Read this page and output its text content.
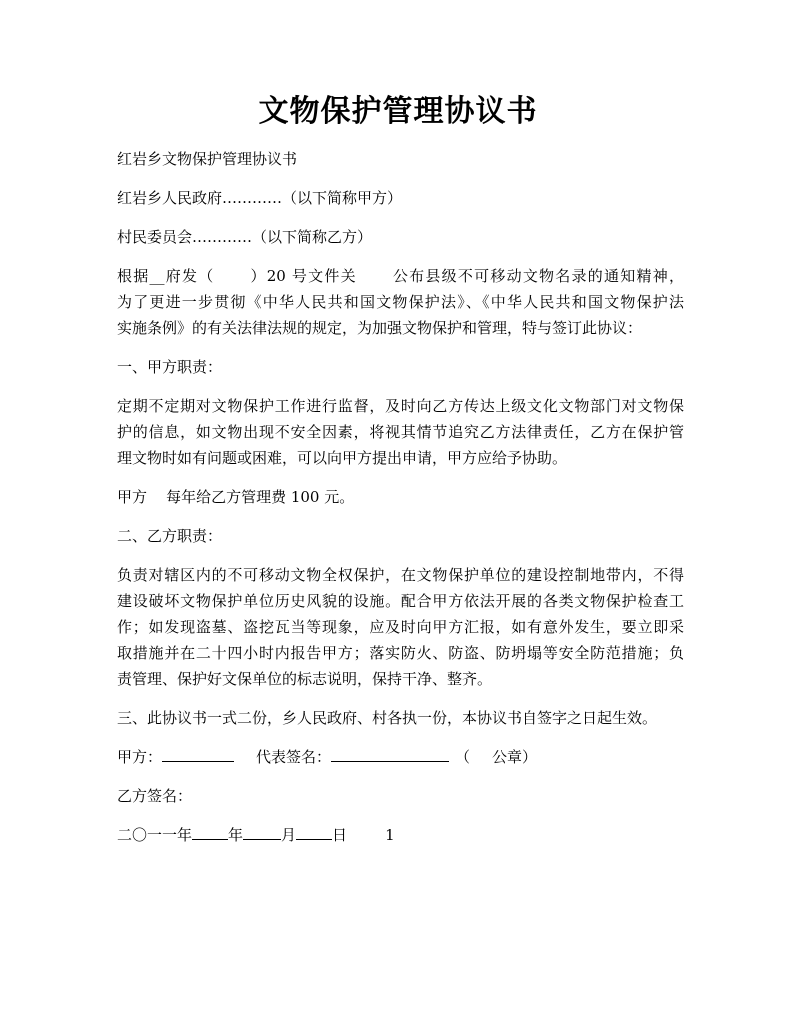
文物保护管理协议书

红岩乡文物保护管理协议书

红岩乡人民政府…………（以下简称甲方）

村民委员会…………（以下简称乙方）

根据__府发（      ）20 号文件关      公布县级不可移动文物名录的通知精神，
为了更进一步贯彻《中华人民共和国文物保护法》、《中华人民共和国文物保护法
实施条例》的有关法律法规的规定，为加强文物保护和管理，特与签订此协议：

一、甲方职责：

定期不定期对文物保护工作进行监督，及时向乙方传达上级文化文物部门对文物保
护的信息，如文物出现不安全因素，将视其情节追究乙方法律责任，乙方在保护管
理文物时如有问题或困难，可以向甲方提出申请，甲方应给予协助。

甲方    每年给乙方管理费 100 元。

二、乙方职责：

负责对辖区内的不可移动文物全权保护，在文物保护单位的建设控制地带内，不得
建设破坏文物保护单位历史风貌的设施。配合甲方依法开展的各类文物保护检查工
作；如发现盗墓、盗挖瓦当等现象，应及时向甲方汇报，如有意外发生，要立即采
取措施并在二十四小时内报告甲方；落实防火、防盗、防坍塌等安全防范措施；负
责管理、保护好文保单位的标志说明，保持干净、整齐。

三、此协议书一式二份，乡人民政府、村各执一份，本协议书自签字之日起生效。

甲方：	代表签名：	（ 公章）

乙方签名：

二〇一一年 年	月 日	1
